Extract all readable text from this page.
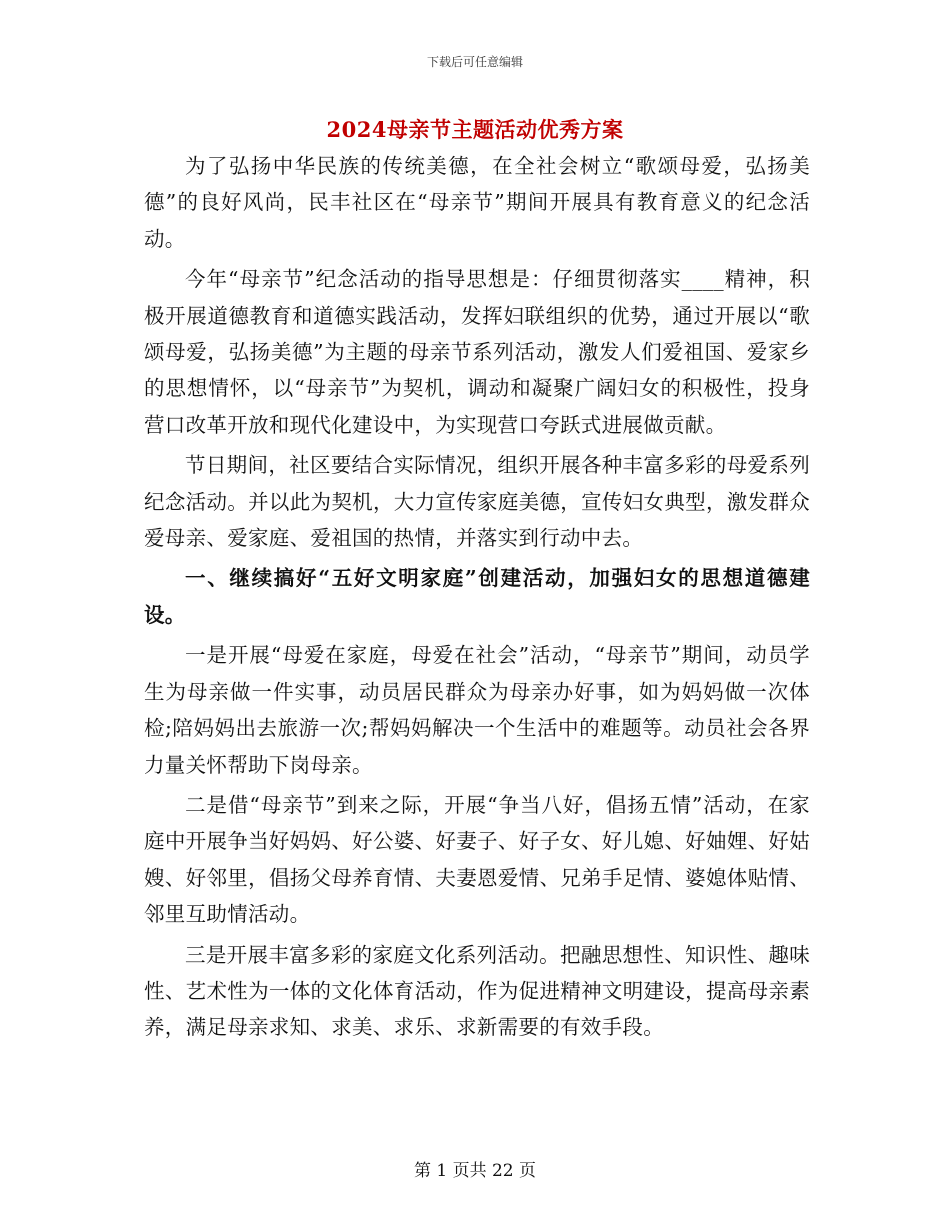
下载后可任意编辑
2024母亲节主题活动优秀方案

为了弘扬中华民族的传统美德，在全社会树立“歌颂母爱，弘扬美德”的良好风尚，民丰社区在“母亲节”期间开展具有教育意义的纪念活动。

今年“母亲节”纪念活动的指导思想是：仔细贯彻落实____精神，积极开展道德教育和道德实践活动，发挥妇联组织的优势，通过开展以“歌颂母爱，弘扬美德”为主题的母亲节系列活动，激发人们爱祖国、爱家乡的思想情怀，以“母亲节”为契机，调动和凝聚广阔妇女的积极性，投身营口改革开放和现代化建设中，为实现营口夸跃式进展做贡献。

节日期间，社区要结合实际情况，组织开展各种丰富多彩的母爱系列纪念活动。并以此为契机，大力宣传家庭美德，宣传妇女典型，激发群众爱母亲、爱家庭、爱祖国的热情，并落实到行动中去。

一、继续搞好“五好文明家庭”创建活动，加强妇女的思想道德建设。

一是开展“母爱在家庭，母爱在社会”活动，“母亲节”期间，动员学生为母亲做一件实事，动员居民群众为母亲办好事，如为妈妈做一次体检;陪妈妈出去旅游一次;帮妈妈解决一个生活中的难题等。动员社会各界力量关怀帮助下岗母亲。

二是借“母亲节”到来之际，开展“争当八好，倡扬五情”活动，在家庭中开展争当好妈妈、好公婆、好妻子、好子女、好儿媳、好妯娌、好姑嫂、好邻里，倡扬父母养育情、夫妻恩爱情、兄弟手足情、婆媳体贴情、邻里互助情活动。

三是开展丰富多彩的家庭文化系列活动。把融思想性、知识性、趣味性、艺术性为一体的文化体育活动，作为促进精神文明建设，提高母亲素养，满足母亲求知、求美、求乐、求新需要的有效手段。

第 1 页共 22 页
